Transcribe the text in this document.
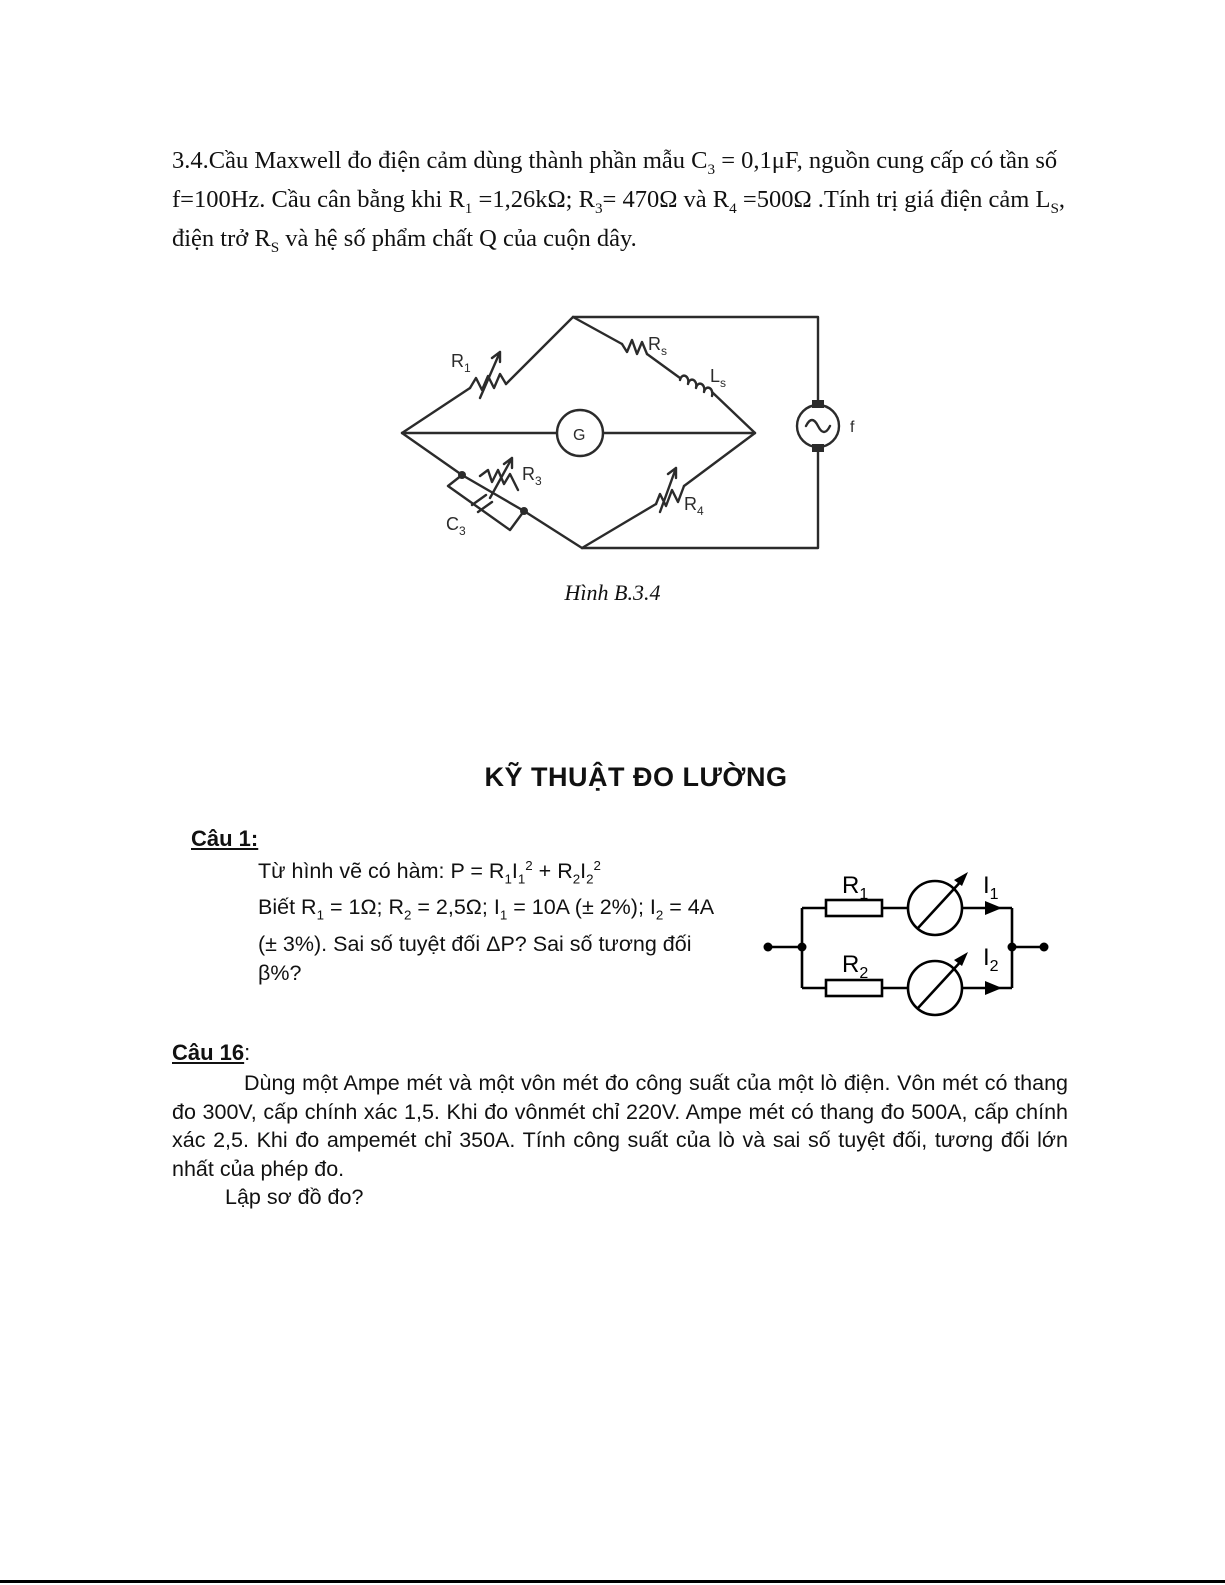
3.4.Cầu Maxwell đo điện cảm dùng thành phần mẫu $C_3 = 0,1\mu F$, nguồn cung cấp có tần số f=100Hz. Cầu cân bằng khi $R_1 =1,26k\Omega$; $R_3= 470\Omega$ và $R_4 =500\Omega$ .Tính trị giá điện cảm $L_S$, điện trở $R_S$ và hệ số phẩm chất Q của cuộn dây.
$R_1$
$R_s$
$L_s$
G
$R_3$
$C_3$
$R_4$
f
Hình B.3.4
KỸ THUẬT ĐO LƯỜNG
Câu 1:
Từ hình vẽ có hàm: $P = R_1I_1^2 + R_2I_2^2$
Biết $R_1 = 1\Omega$; $R_2 = 2,5\Omega$; $I_1 = 10A$ (± 2%); $I_2 = 4A$ (± 3%). Sai số tuyệt đối ΔP? Sai số tương đối β%?
$R_1$	$I_1$
$R_2$
$I_2$
Câu 16:
Dùng một Ampe mét và một vôn mét đo công suất của một lò điện. Vôn mét có thang đo 300V, cấp chính xác 1,5. Khi đo vônmét chỉ 220V. Ampe mét có thang đo 500A, cấp chính xác 2,5. Khi đo ampemét chỉ 350A. Tính công suất của lò và sai số tuyệt đối, tương đối lớn nhất của phép đo.
Lập sơ đồ đo?
